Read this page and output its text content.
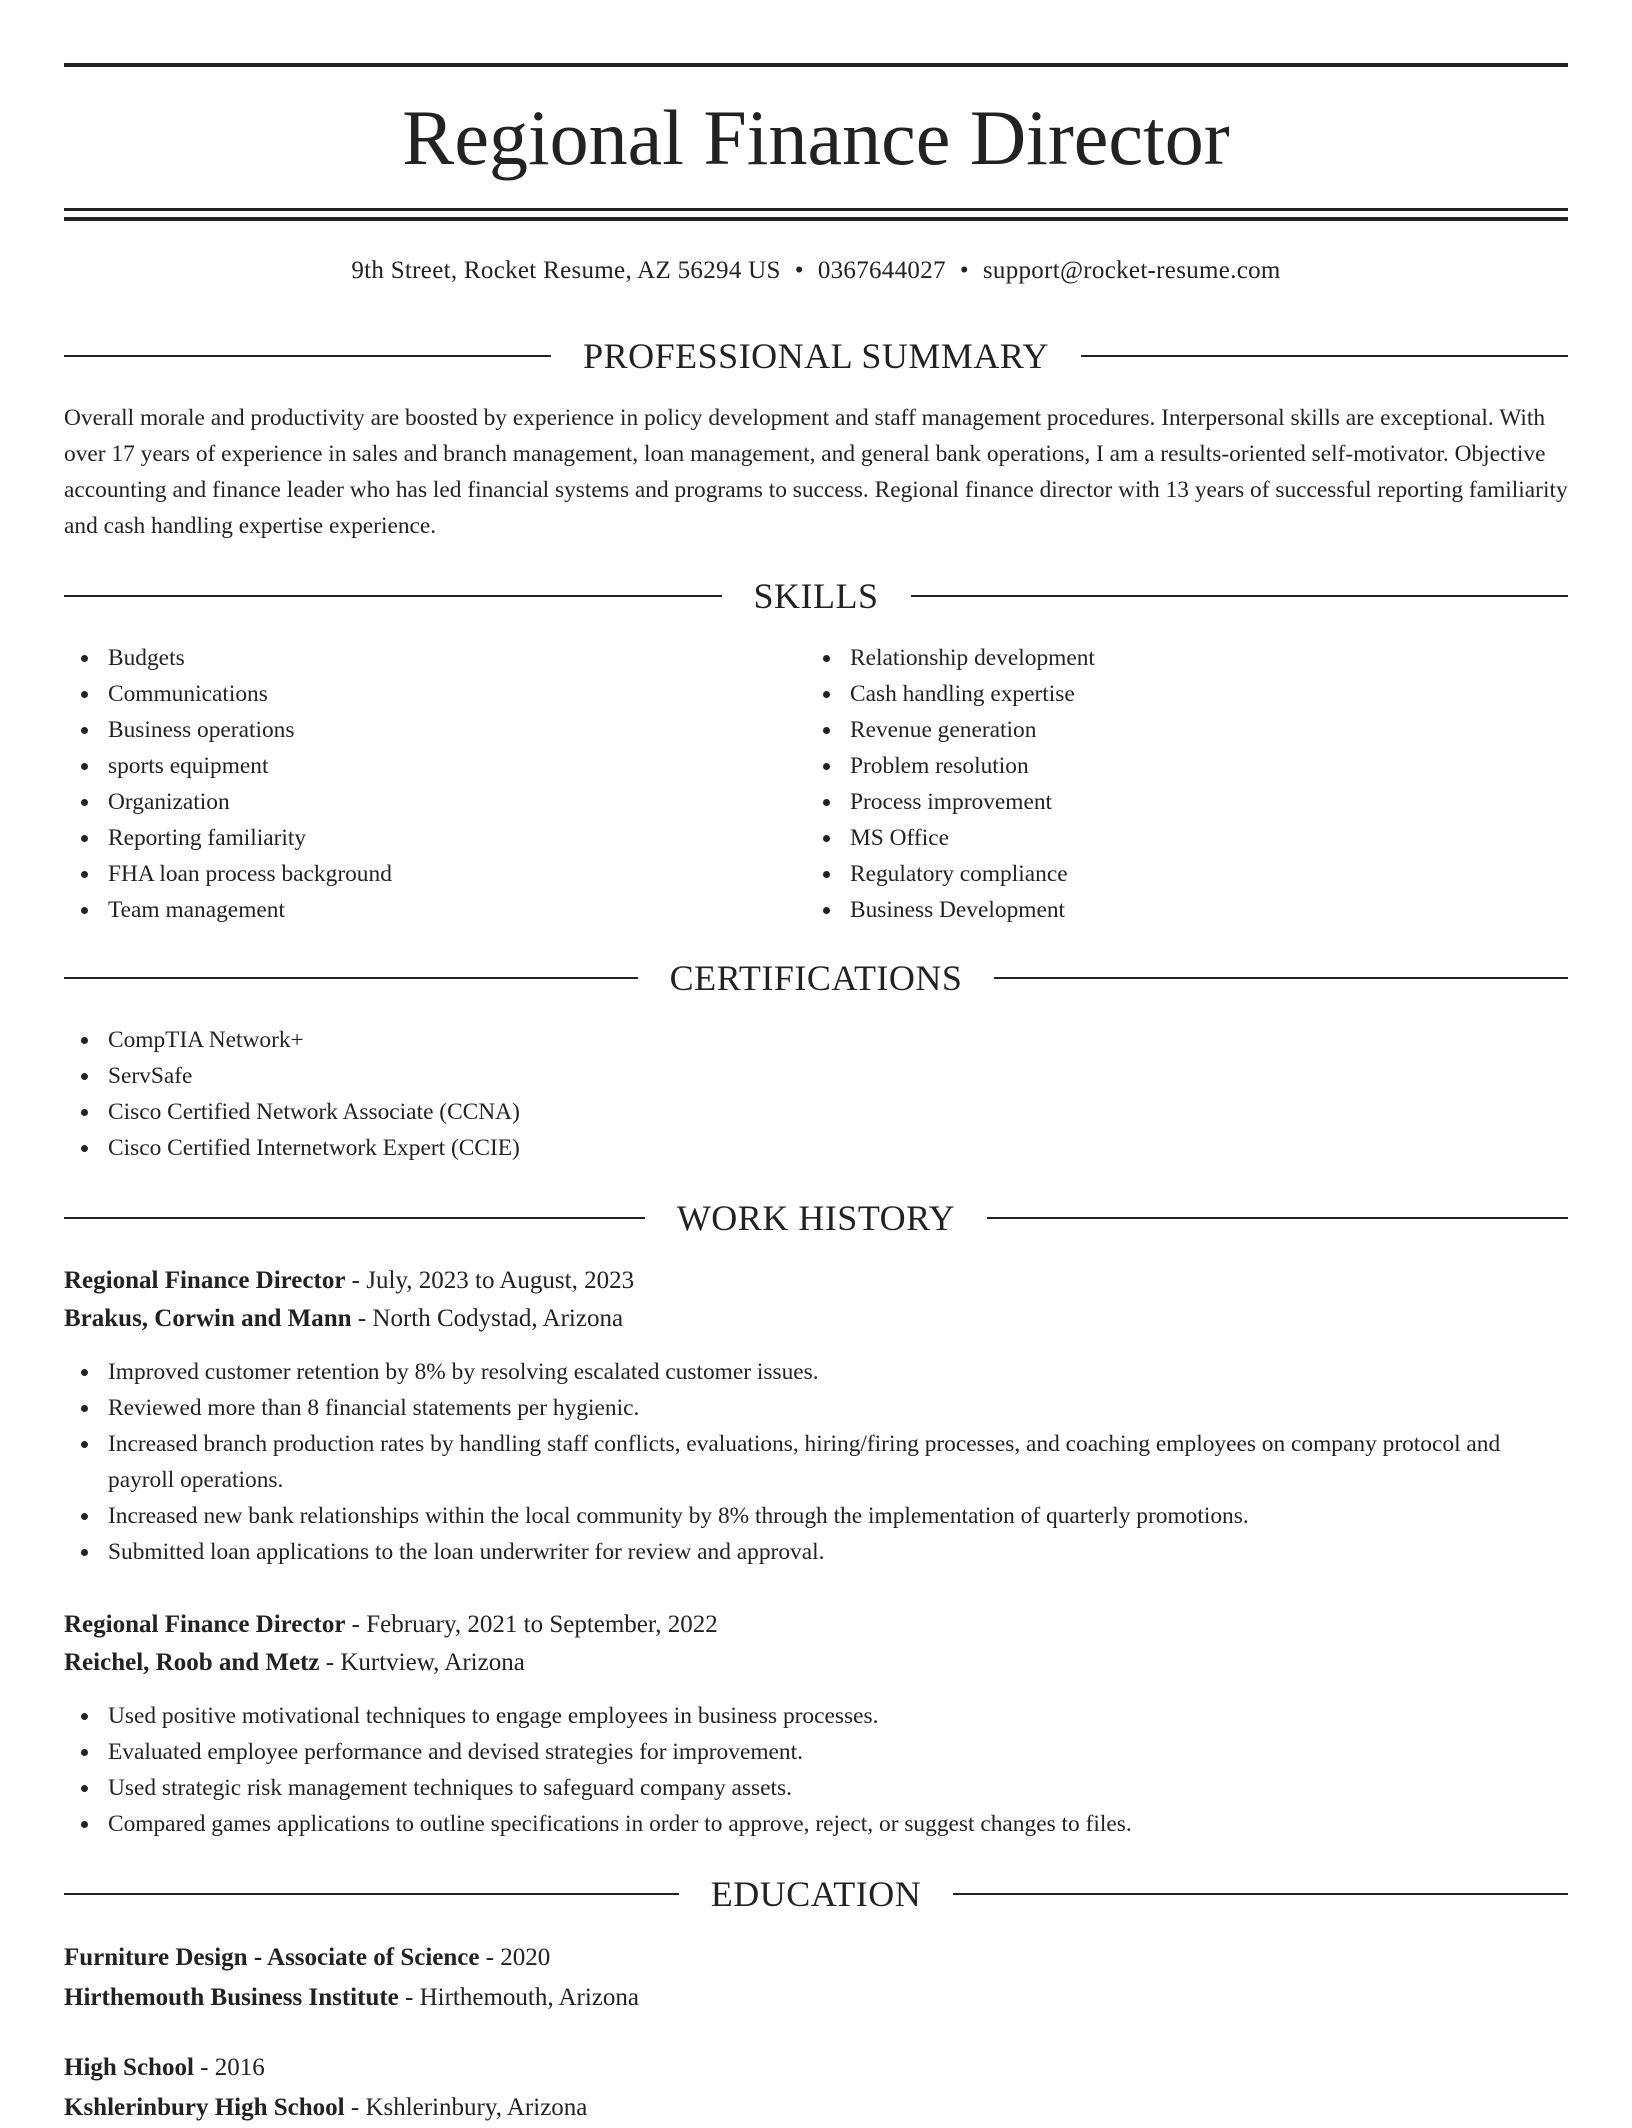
Regional Finance Director
9th Street, Rocket Resume, AZ 56294 US • 0367644027 • support@rocket-resume.com
PROFESSIONAL SUMMARY

Overall morale and productivity are boosted by experience in policy development and staff management procedures. Interpersonal skills are exceptional. With over 17 years of experience in sales and branch management, loan management, and general bank operations, I am a results-oriented self-motivator. Objective accounting and finance leader who has led financial systems and programs to success. Regional finance director with 13 years of successful reporting familiarity and cash handling expertise experience.

SKILLS
Budgets
Communications
Business operations
sports equipment
Organization
Reporting familiarity
FHA loan process background
Team management
Relationship development
Cash handling expertise
Revenue generation
Problem resolution
Process improvement
MS Office
Regulatory compliance
Business Development
CERTIFICATIONS
CompTIA Network+
ServSafe
Cisco Certified Network Associate (CCNA)
Cisco Certified Internetwork Expert (CCIE)
WORK HISTORY
Regional Finance Director - July, 2023 to August, 2023
Brakus, Corwin and Mann - North Codystad, Arizona
Improved customer retention by 8% by resolving escalated customer issues.
Reviewed more than 8 financial statements per hygienic.
Increased branch production rates by handling staff conflicts, evaluations, hiring/firing processes, and coaching employees on company protocol and payroll operations.
Increased new bank relationships within the local community by 8% through the implementation of quarterly promotions.
Submitted loan applications to the loan underwriter for review and approval.
Regional Finance Director - February, 2021 to September, 2022
Reichel, Roob and Metz - Kurtview, Arizona
Used positive motivational techniques to engage employees in business processes.
Evaluated employee performance and devised strategies for improvement.
Used strategic risk management techniques to safeguard company assets.
Compared games applications to outline specifications in order to approve, reject, or suggest changes to files.
EDUCATION
Furniture Design - Associate of Science - 2020
Hirthemouth Business Institute - Hirthemouth, Arizona
High School - 2016
Kshlerinbury High School - Kshlerinbury, Arizona
